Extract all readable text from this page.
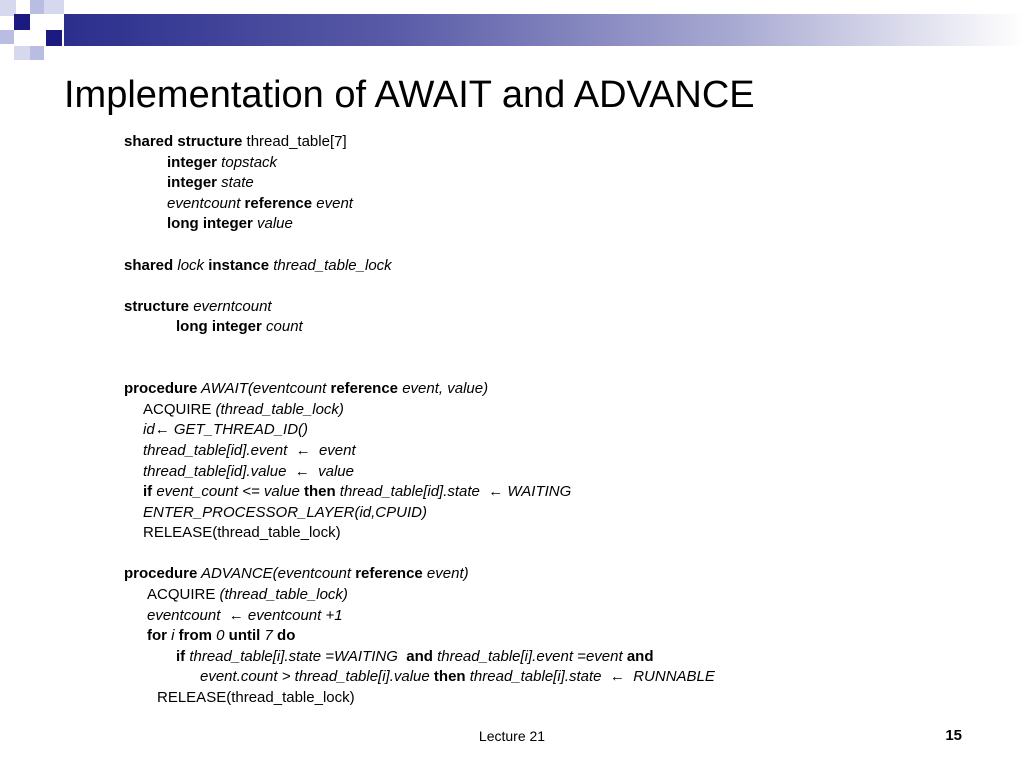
Implementation of AWAIT and ADVANCE
shared structure thread_table[7]
integer topstack
integer state
eventcount reference event
long integer value
shared lock instance thread_table_lock
structure everntcount
long integer count
procedure AWAIT(eventcount reference event, value)
ACQUIRE (thread_table_lock)
id← GET_THREAD_ID()
thread_table[id].event  ←  event
thread_table[id].value  ←  value
if event_count <= value then thread_table[id].state  ← WAITING
ENTER_PROCESSOR_LAYER(id,CPUID)
RELEASE(thread_table_lock)
procedure ADVANCE(eventcount reference event)
ACQUIRE (thread_table_lock)
eventcount  ← eventcount +1
for i from 0 until 7 do
if thread_table[i].state =WAITING  and thread_table[i].event =event and
event.count > thread_table[i].value then thread_table[i].state  ←  RUNNABLE
RELEASE(thread_table_lock)
Lecture 21	15
